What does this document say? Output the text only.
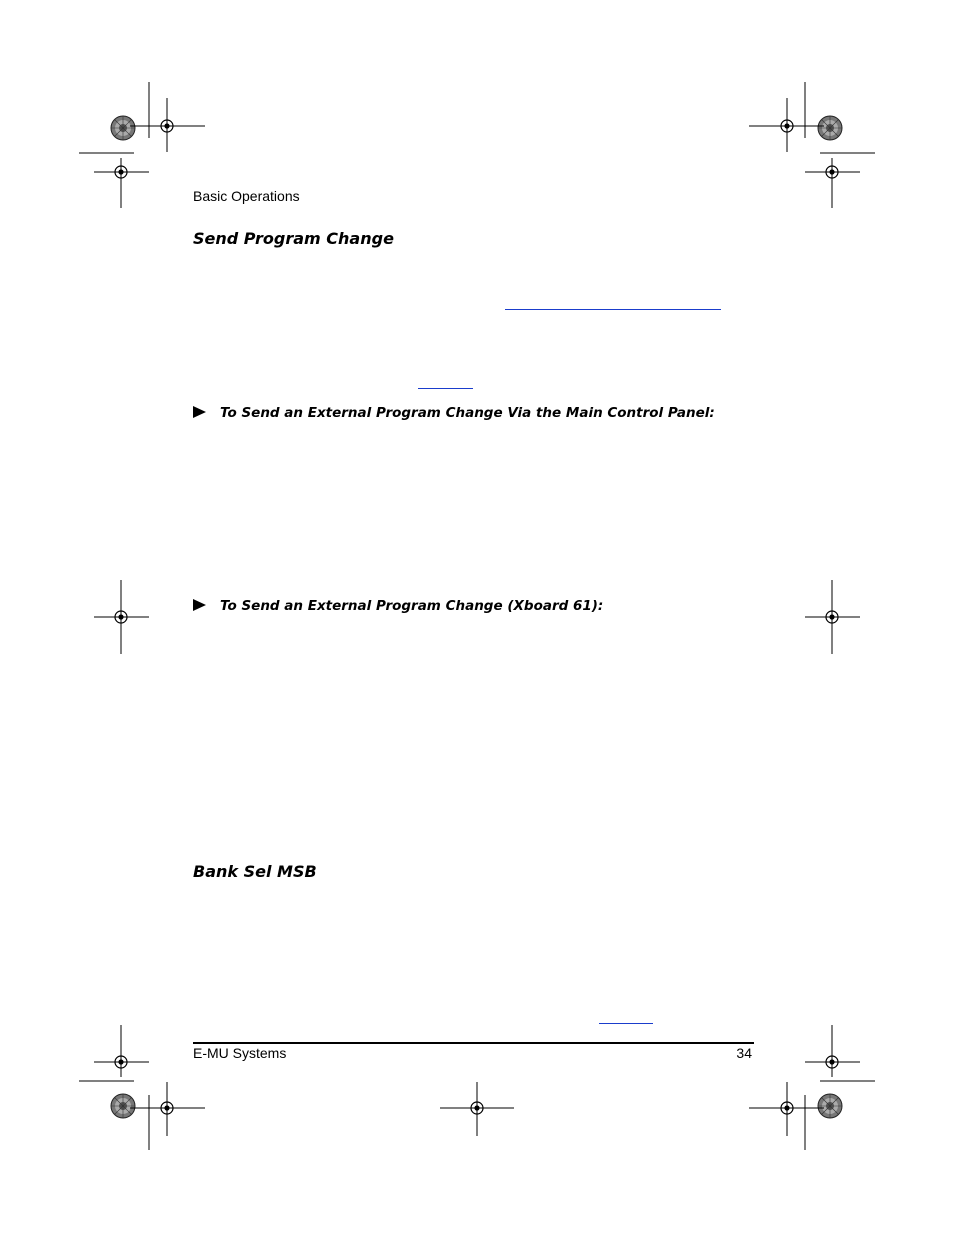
Basic Operations
Send Program Change
To Send an External Program Change Via the Main Control Panel:
To Send an External Program Change (Xboard 61):
Bank Sel MSB
E-MU Systems	34
